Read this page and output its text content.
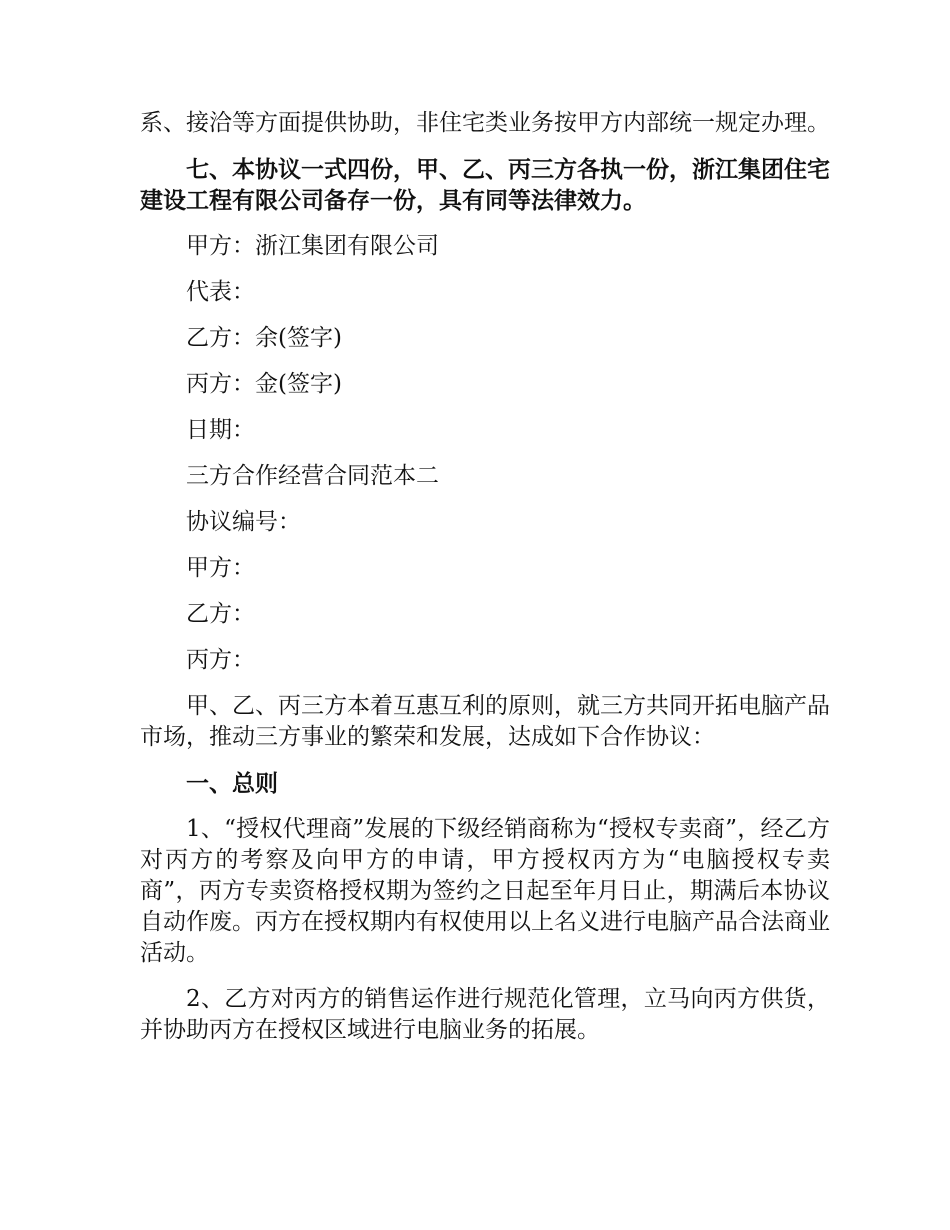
系、接洽等方面提供协助，非住宅类业务按甲方内部统一规定办理。

七、本协议一式四份，甲、乙、丙三方各执一份，浙江集团住宅建设工程有限公司备存一份，具有同等法律效力。

甲方：浙江集团有限公司

代表：

乙方：余(签字)

丙方：金(签字)

日期：

三方合作经营合同范本二

协议编号：

甲方：

乙方：

丙方：

甲、乙、丙三方本着互惠互利的原则，就三方共同开拓电脑产品市场，推动三方事业的繁荣和发展，达成如下合作协议：

一、总则

1、“授权代理商”发展的下级经销商称为“授权专卖商”，经乙方对丙方的考察及向甲方的申请，甲方授权丙方为“电脑授权专卖商”，丙方专卖资格授权期为签约之日起至年月日止，期满后本协议自动作废。丙方在授权期内有权使用以上名义进行电脑产品合法商业活动。

2、乙方对丙方的销售运作进行规范化管理，立马向丙方供货，并协助丙方在授权区域进行电脑业务的拓展。
